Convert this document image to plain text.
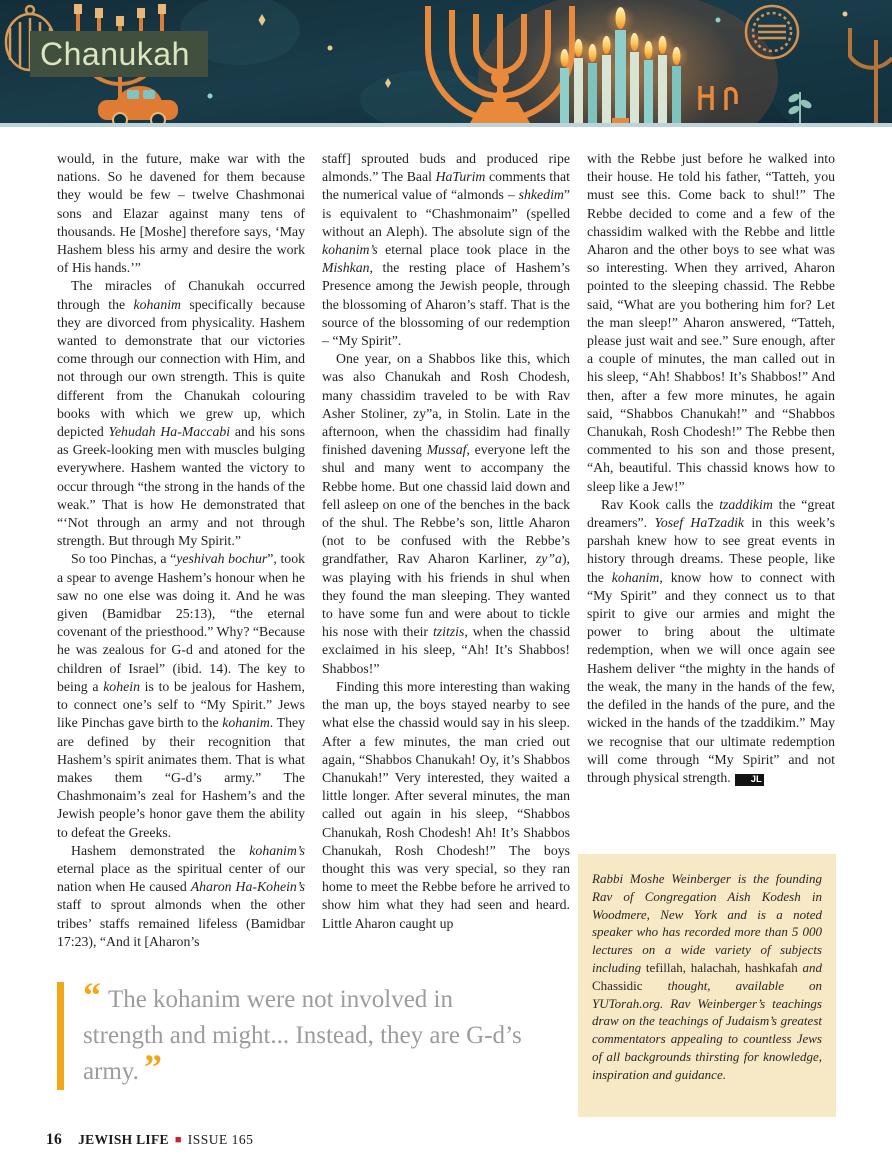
Chanukah

would, in the future, make war with the nations. So he davened for them because they would be few – twelve Chashmonai sons and Elazar against many tens of thousands. He [Moshe] therefore says, ‘May Hashem bless his army and desire the work of His hands.’”

The miracles of Chanukah occurred through the kohanim specifically because they are divorced from physicality. Hashem wanted to demonstrate that our victories come through our connection with Him, and not through our own strength. This is quite different from the Chanukah colouring books with which we grew up, which depicted Yehudah Ha-Maccabi and his sons as Greek-looking men with muscles bulging everywhere. Hashem wanted the victory to occur through “the strong in the hands of the weak.” That is how He demonstrated that “‘Not through an army and not through strength. But through My Spirit.”

So too Pinchas, a “yeshivah bochur”, took a spear to avenge Hashem’s honour when he saw no one else was doing it. And he was given (Bamidbar 25:13), “the eternal covenant of the priesthood.” Why? “Because he was zealous for G-d and atoned for the children of Israel” (ibid. 14). The key to being a kohein is to be jealous for Hashem, to connect one’s self to “My Spirit.” Jews like Pinchas gave birth to the kohanim. They are defined by their recognition that Hashem’s spirit animates them. That is what makes them “G-d’s army.” The Chashmonaim’s zeal for Hashem’s and the Jewish people’s honor gave them the ability to defeat the Greeks.

Hashem demonstrated the kohanim’s eternal place as the spiritual center of our nation when He caused Aharon Ha-Kohein’s staff to sprout almonds when the other tribes’ staffs remained lifeless (Bamidbar 17:23), “And it [Aharon’s

staff] sprouted buds and produced ripe almonds.” The Baal HaTurim comments that the numerical value of “almonds – shkedim” is equivalent to “Chashmonaim” (spelled without an Aleph). The absolute sign of the kohanim’s eternal place took place in the Mishkan, the resting place of Hashem’s Presence among the Jewish people, through the blossoming of Aharon’s staff. That is the source of the blossoming of our redemption – “My Spirit”.

One year, on a Shabbos like this, which was also Chanukah and Rosh Chodesh, many chassidim traveled to be with Rav Asher Stoliner, zy”a, in Stolin. Late in the afternoon, when the chassidim had finally finished davening Mussaf, everyone left the shul and many went to accompany the Rebbe home. But one chassid laid down and fell asleep on one of the benches in the back of the shul. The Rebbe’s son, little Aharon (not to be confused with the Rebbe’s grandfather, Rav Aharon Karliner, zy”a), was playing with his friends in shul when they found the man sleeping. They wanted to have some fun and were about to tickle his nose with their tzitzis, when the chassid exclaimed in his sleep, “Ah! It’s Shabbos! Shabbos!”

Finding this more interesting than waking the man up, the boys stayed nearby to see what else the chassid would say in his sleep. After a few minutes, the man cried out again, “Shabbos Chanukah! Oy, it’s Shabbos Chanukah!” Very interested, they waited a little longer. After several minutes, the man called out again in his sleep, “Shabbos Chanukah, Rosh Chodesh! Ah! It’s Shabbos Chanukah, Rosh Chodesh!” The boys thought this was very special, so they ran home to meet the Rebbe before he arrived to show him what they had seen and heard. Little Aharon caught up

with the Rebbe just before he walked into their house. He told his father, “Tatteh, you must see this. Come back to shul!” The Rebbe decided to come and a few of the chassidim walked with the Rebbe and little Aharon and the other boys to see what was so interesting. When they arrived, Aharon pointed to the sleeping chassid. The Rebbe said, “What are you bothering him for? Let the man sleep!” Aharon answered, “Tatteh, please just wait and see.” Sure enough, after a couple of minutes, the man called out in his sleep, “Ah! Shabbos! It’s Shabbos!” And then, after a few more minutes, he again said, “Shabbos Chanukah!” and “Shabbos Chanukah, Rosh Chodesh!” The Rebbe then commented to his son and those present, “Ah, beautiful. This chassid knows how to sleep like a Jew!”

Rav Kook calls the tzaddikim the “great dreamers”. Yosef HaTzadik in this week’s parshah knew how to see great events in history through dreams. These people, like the kohanim, know how to connect with “My Spirit” and they connect us to that spirit to give our armies and might the power to bring about the ultimate redemption, when we will once again see Hashem deliver “the mighty in the hands of the weak, the many in the hands of the few, the defiled in the hands of the pure, and the wicked in the hands of the tzaddikim.” May we recognise that our ultimate redemption will come through “My Spirit” and not through physical strength. JL

“ The kohanim were not involved in strength and might... Instead, they are G-d’s army. ”

Rabbi Moshe Weinberger is the founding Rav of Congregation Aish Kodesh in Woodmere, New York and is a noted speaker who has recorded more than 5 000 lectures on a wide variety of subjects including tefillah, halachah, hashkafah and Chassidic thought, available on YUTorah.org. Rav Weinberger’s teachings draw on the teachings of Judaism’s greatest commentators appealing to countless Jews of all backgrounds thirsting for knowledge, inspiration and guidance.

16 JEWISH LIFE ■ ISSUE 165
